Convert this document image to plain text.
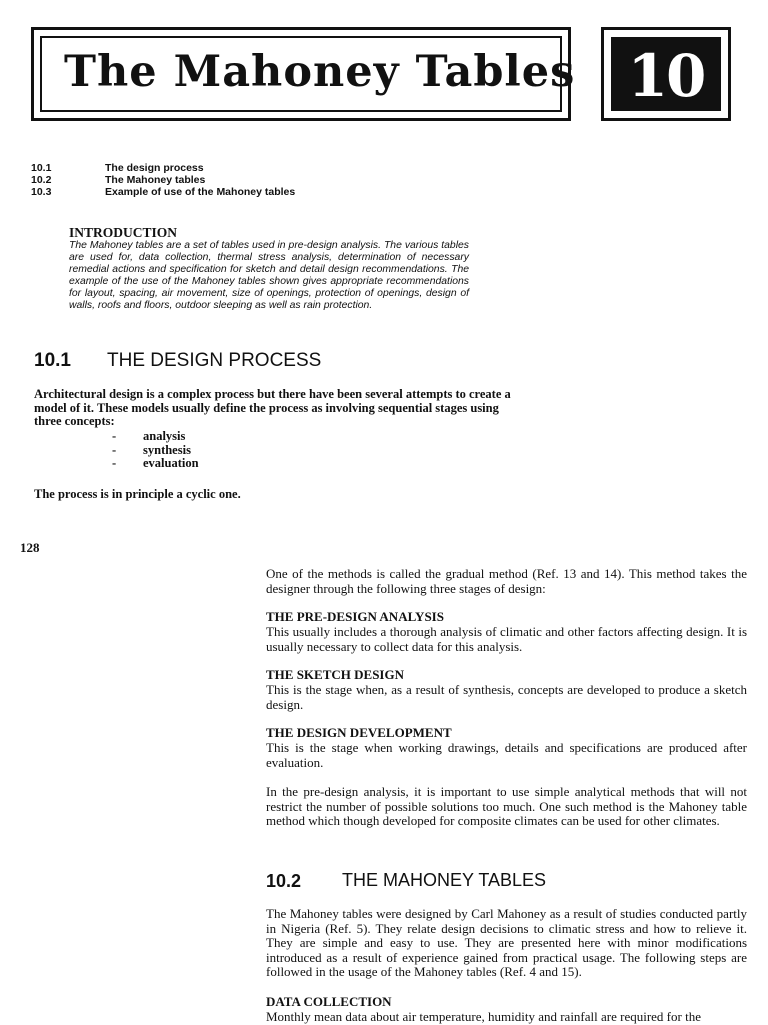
The Mahoney Tables 10
10.1	The design process
10.2	The Mahoney tables
10.3	Example of use of the Mahoney tables
INTRODUCTION
The Mahoney tables are a set of tables used in pre-design analysis. The various tables are used for, data collection, thermal stress analysis, determination of necessary remedial actions and specification for sketch and detail design recommendations. The example of the use of the Mahoney tables shown gives appropriate recommendations for layout, spacing, air movement, size of openings, protection of openings, design of walls, roofs and floors, outdoor sleeping as well as rain protection.
10.1 THE DESIGN PROCESS
Architectural design is a complex process but there have been several attempts to create a model of it. These models usually define the process as involving sequential stages using three concepts:
-	analysis
-	synthesis
-	evaluation
The process is in principle a cyclic one.
128
One of the methods is called the gradual method (Ref. 13 and 14). This method takes the designer through the following three stages of design:
THE PRE-DESIGN ANALYSIS
This usually includes a thorough analysis of climatic and other factors affecting design. It is usually necessary to collect data for this analysis.
THE SKETCH DESIGN
This is the stage when, as a result of synthesis, concepts are developed to produce a sketch design.
THE DESIGN DEVELOPMENT
This is the stage when working drawings, details and specifications are produced after evaluation.
In the pre-design analysis, it is important to use simple analytical methods that will not restrict the number of possible solutions too much. One such method is the Mahoney table method which though developed for composite climates can be used for other climates.
10.2 THE MAHONEY TABLES
The Mahoney tables were designed by Carl Mahoney as a result of studies conducted partly in Nigeria (Ref. 5). They relate design decisions to climatic stress and how to relieve it. They are simple and easy to use. They are presented here with minor modifications introduced as a result of experience gained from practical usage. The following steps are followed in the usage of the Mahoney tables (Ref. 4 and 15).
DATA COLLECTION
Monthly mean data about air temperature, humidity and rainfall are required for the
